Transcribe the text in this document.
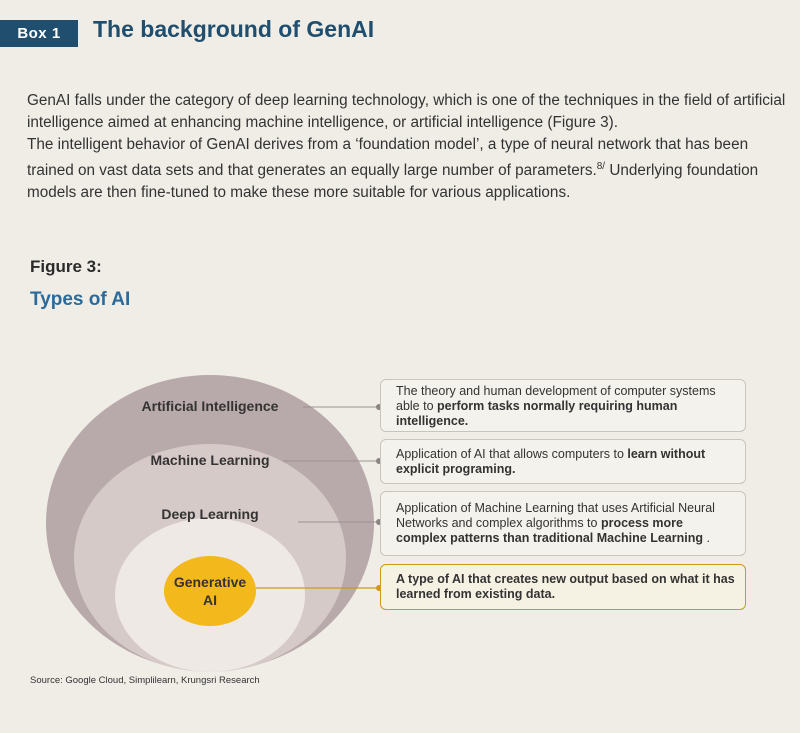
Box 1	The background of GenAI

GenAI falls under the category of deep learning technology, which is one of the techniques in the field of artificial intelligence aimed at enhancing machine intelligence, or artificial intelligence (Figure 3).

The intelligent behavior of GenAI derives from a ‘foundation model’, a type of neural network that has been trained on vast data sets and that generates an equally large number of parameters.$^{8/}$ Underlying foundation models are then fine-tuned to make these more suitable for various applications.

Figure 3:
Types of AI
Artificial Intelligence
Machine Learning
Deep Learning
Generative
AI
The theory and human development of computer systems able to perform tasks normally requiring human intelligence.
Application of AI that allows computers to learn without explicit programing.
Application of Machine Learning that uses Artificial Neural Networks and complex algorithms to process more complex patterns than traditional Machine Learning .
A type of AI that creates new output based on what it has learned from existing data.
Source: Google Cloud, Simplilearn, Krungsri Research
